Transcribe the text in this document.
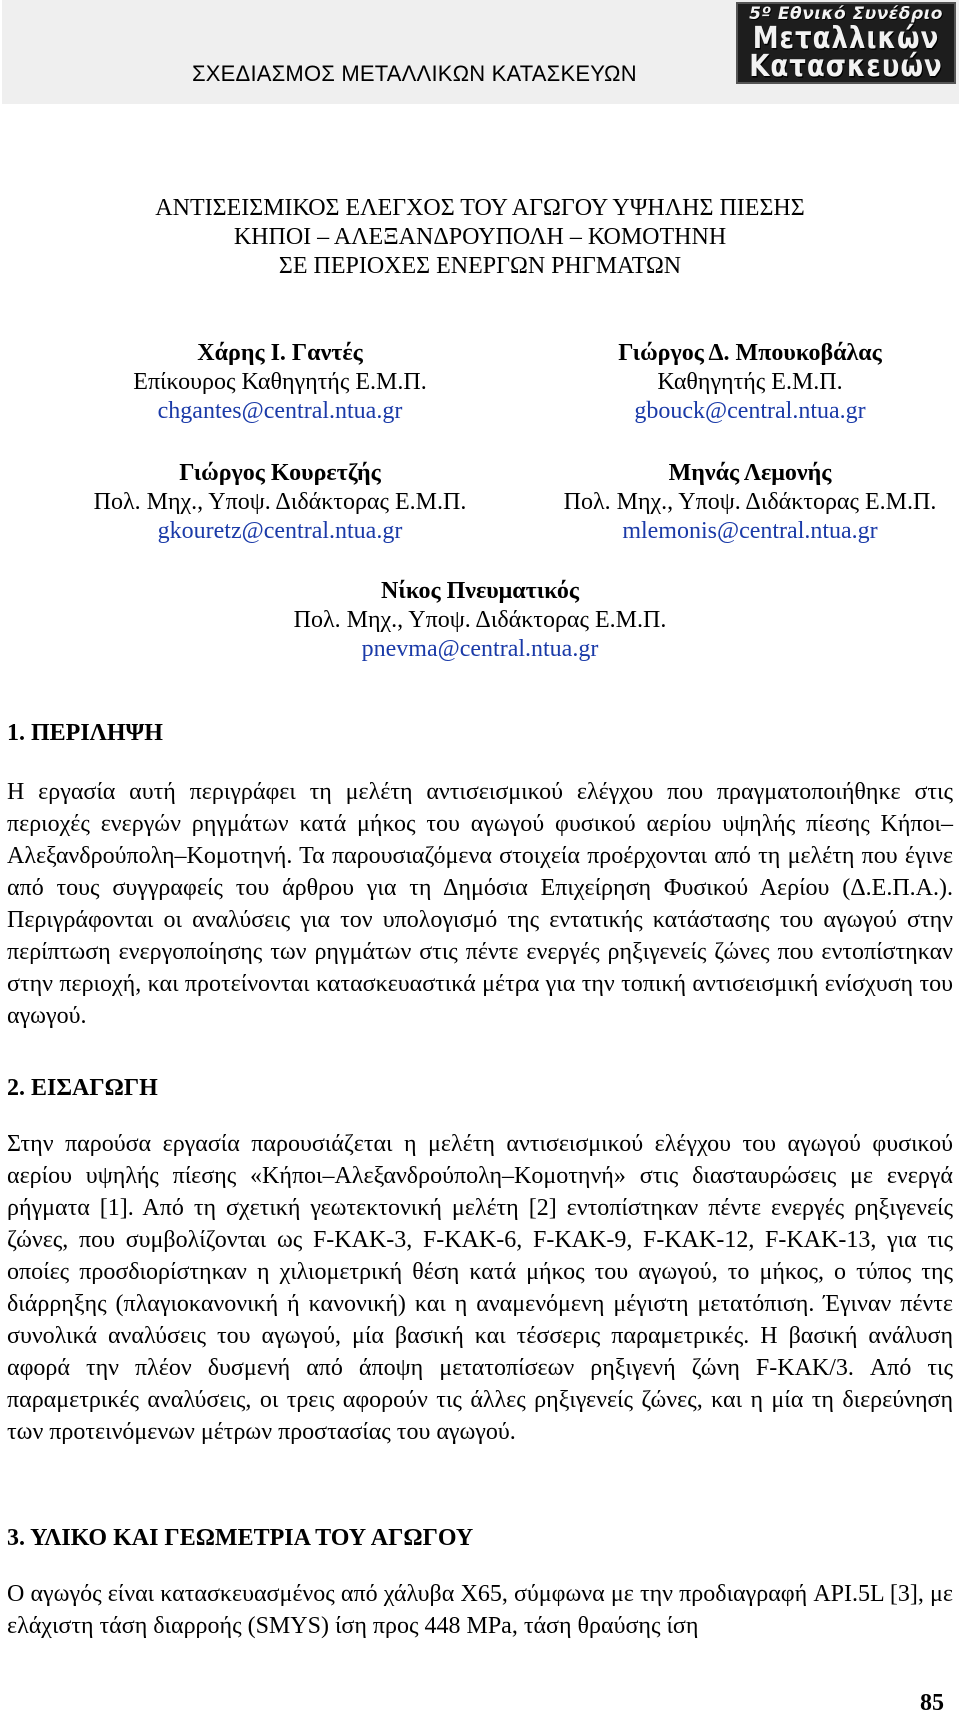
ΣΧΕΔΙΑΣΜΟΣ ΜΕΤΑΛΛΙΚΩΝ ΚΑΤΑΣΚΕΥΩΝ
5º Εθνικό Συνέδριο
Μεταλλικών
Κατασκευών
ΑΝΤΙΣΕΙΣΜΙΚΟΣ ΕΛΕΓΧΟΣ ΤΟΥ ΑΓΩΓΟΥ ΥΨΗΛΗΣ ΠΙΕΣΗΣ
ΚΗΠΟΙ – ΑΛΕΞΑΝΔΡΟΥΠΟΛΗ – ΚΟΜΟΤΗΝΗ
ΣΕ ΠΕΡΙΟΧΕΣ ΕΝΕΡΓΩΝ ΡΗΓΜΑΤΩΝ
Χάρης Ι. Γαντές
Επίκουρος Καθηγητής Ε.Μ.Π.
chgantes@central.ntua.gr
Γιώργος Δ. Μπουκοβάλας
Καθηγητής Ε.Μ.Π.
gbouck@central.ntua.gr
Γιώργος Κουρετζής
Πολ. Μηχ., Υποψ. Διδάκτορας Ε.Μ.Π.
gkouretz@central.ntua.gr
Μηνάς Λεμονής
Πολ. Μηχ., Υποψ. Διδάκτορας Ε.Μ.Π.
mlemonis@central.ntua.gr
Νίκος Πνευματικός
Πολ. Μηχ., Υποψ. Διδάκτορας Ε.Μ.Π.
pnevma@central.ntua.gr
1. ΠΕΡΙΛΗΨΗ
Η εργασία αυτή περιγράφει τη μελέτη αντισεισμικού ελέγχου που πραγματοποιήθηκε στις περιοχές ενεργών ρηγμάτων κατά μήκος του αγωγού φυσικού αερίου υψηλής πίεσης Κήποι–Αλεξανδρούπολη–Κομοτηνή. Τα παρουσιαζόμενα στοιχεία προέρχονται από τη μελέτη που έγινε από τους συγγραφείς του άρθρου για τη Δημόσια Επιχείρηση Φυσικού Αερίου (Δ.Ε.Π.Α.). Περιγράφονται οι αναλύσεις για τον υπολογισμό της εντατικής κατάστασης του αγωγού στην περίπτωση ενεργοποίησης των ρηγμάτων στις πέντε ενεργές ρηξιγενείς ζώνες που εντοπίστηκαν στην περιοχή, και προτείνονται κατασκευαστικά μέτρα για την τοπική αντισεισμική ενίσχυση του αγωγού.
2. ΕΙΣΑΓΩΓΗ
Στην παρούσα εργασία παρουσιάζεται η μελέτη αντισεισμικού ελέγχου του αγωγού φυσικού αερίου υψηλής πίεσης «Κήποι–Αλεξανδρούπολη–Κομοτηνή» στις διασταυρώσεις με ενεργά ρήγματα [1]. Από τη σχετική γεωτεκτονική μελέτη [2] εντοπίστηκαν πέντε ενεργές ρηξιγενείς ζώνες, που συμβολίζονται ως F-KAK-3, F-KAK-6, F-KAK-9, F-KAK-12, F-KAK-13, για τις οποίες προσδιορίστηκαν η χιλιομετρική θέση κατά μήκος του αγωγού, το μήκος, ο τύπος της διάρρηξης (πλαγιοκανονική ή κανονική) και η αναμενόμενη μέγιστη μετατόπιση. Έγιναν πέντε συνολικά αναλύσεις του αγωγού, μία βασική και τέσσερις παραμετρικές. Η βασική ανάλυση αφορά την πλέον δυσμενή από άποψη μετατοπίσεων ρηξιγενή ζώνη F-KAK/3. Από τις παραμετρικές αναλύσεις, οι τρεις αφορούν τις άλλες ρηξιγενείς ζώνες, και η μία τη διερεύνηση των προτεινόμενων μέτρων προστασίας του αγωγού.
3. ΥΛΙΚΟ ΚΑΙ ΓΕΩΜΕΤΡΙΑ ΤΟΥ ΑΓΩΓΟΥ
Ο αγωγός είναι κατασκευασμένος από χάλυβα X65, σύμφωνα με την προδιαγραφή API.5L [3], με ελάχιστη τάση διαρροής (SMYS) ίση προς 448 MPa, τάση θραύσης ίση
85
